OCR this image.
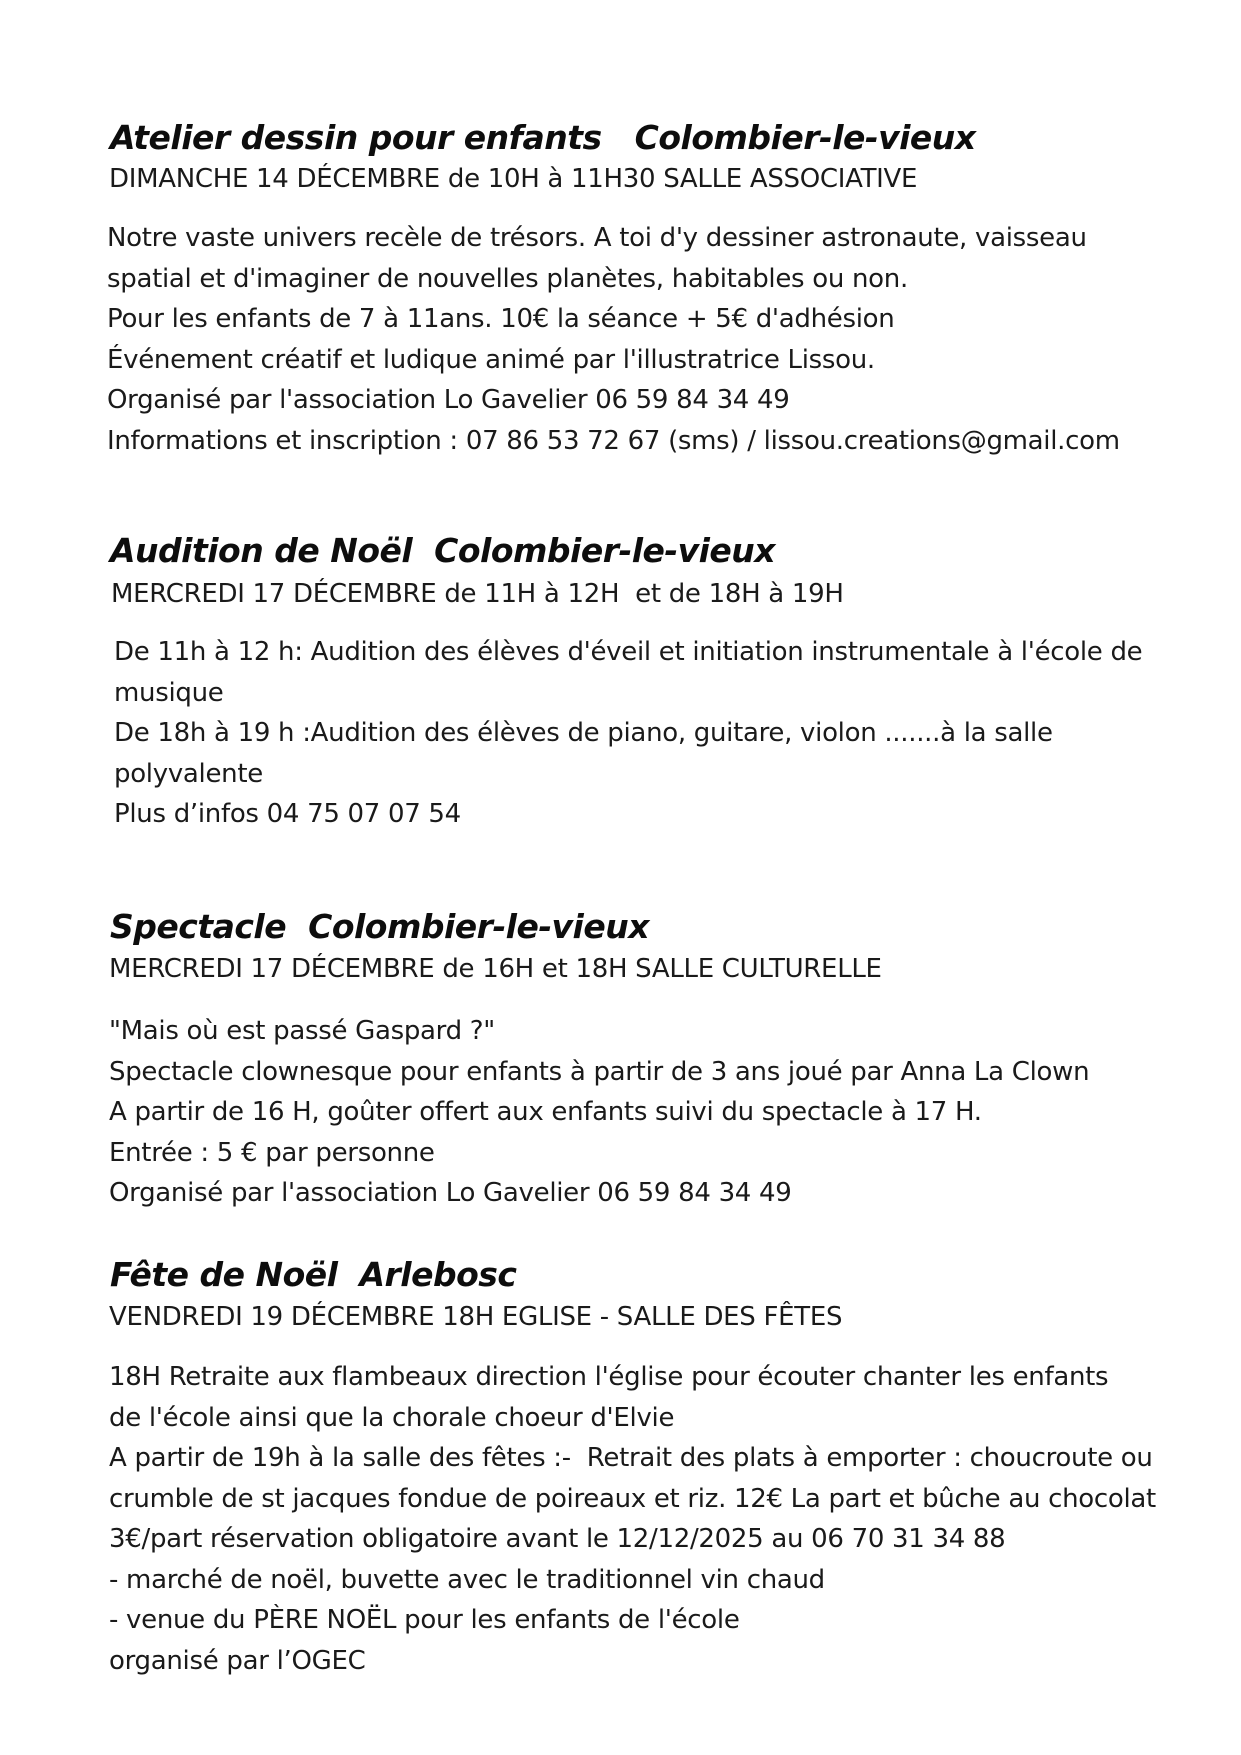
Atelier dessin pour enfants   Colombier-le-vieux
DIMANCHE 14 DÉCEMBRE de 10H à 11H30 SALLE ASSOCIATIVE
Notre vaste univers recèle de trésors. A toi d'y dessiner astronaute, vaisseau
spatial et d'imaginer de nouvelles planètes, habitables ou non.
Pour les enfants de 7 à 11ans. 10€ la séance + 5€ d'adhésion
Événement créatif et ludique animé par l'illustratrice Lissou.
Organisé par l'association Lo Gavelier 06 59 84 34 49
Informations et inscription : 07 86 53 72 67 (sms) / lissou.creations@gmail.com
Audition de Noël  Colombier-le-vieux
MERCREDI 17 DÉCEMBRE de 11H à 12H  et de 18H à 19H
De 11h à 12 h: Audition des élèves d'éveil et initiation instrumentale à l'école de
musique
De 18h à 19 h :Audition des élèves de piano, guitare, violon .......à la salle
polyvalente
Plus d’infos 04 75 07 07 54
Spectacle  Colombier-le-vieux
MERCREDI 17 DÉCEMBRE de 16H et 18H SALLE CULTURELLE
"Mais où est passé Gaspard ?"
Spectacle clownesque pour enfants à partir de 3 ans joué par Anna La Clown
A partir de 16 H, goûter offert aux enfants suivi du spectacle à 17 H.
Entrée : 5 € par personne
Organisé par l'association Lo Gavelier 06 59 84 34 49
Fête de Noël  Arlebosc
VENDREDI 19 DÉCEMBRE 18H EGLISE - SALLE DES FÊTES
18H Retraite aux flambeaux direction l'église pour écouter chanter les enfants
de l'école ainsi que la chorale choeur d'Elvie
A partir de 19h à la salle des fêtes :-  Retrait des plats à emporter : choucroute ou
crumble de st jacques fondue de poireaux et riz. 12€ La part et bûche au chocolat
3€/part réservation obligatoire avant le 12/12/2025 au 06 70 31 34 88
- marché de noël, buvette avec le traditionnel vin chaud
- venue du PÈRE NOËL pour les enfants de l'école
organisé par l’OGEC
